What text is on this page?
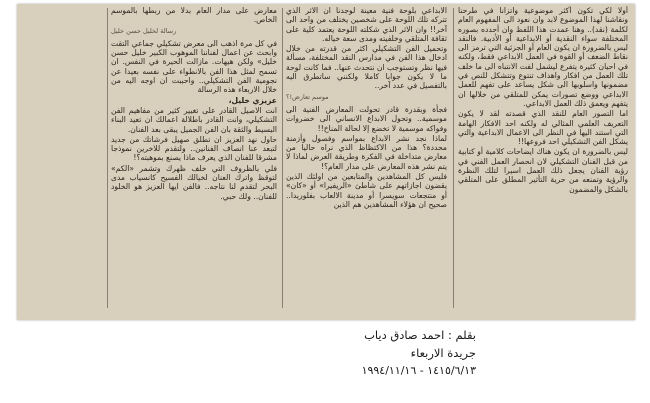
أولا لكي تكون أكثر موضوعية واتزانا في طرحنا ونقاشنا لهذا الموضوع لابد وان نعود الى المفهوم العام لكلمة (نقد).. وهنا عمدت هذا اللفظ وان أحدده بصوره المختلفة سواء النقدية أو الابداعية أو الأدبية. فالنقد ليس بالضرورة ان يكون العام أو الجزئية التي ترمز الى نقاط الضعف أو القوة في العمل الابداعي فقط، ولكنه في احيان كثيرة يتفرع ليشمل لفت الانتباه الى ما خلف تلك العمل من افكار واهداف تنتوع وتتشكل للنص في مضمونها واسلوبها الى شكل يساعد على تفهم للعمل الابداعي ووضع تصورات يمكن للمتلقي من خلالها ان يتفهم ويعمق ذلك العمل الابداعي.

اما التصور العام للنقد الذي قصدته لقد لا يكون التعريف العلمي المثالي له ولكنه احد الافكار الهامة التي استند اليها في النظر الى الاعمال الابداعية والتي يشكل الفن التشكيلي احد فروعها!!

ليس بالضرورة ان يكون هناك ايضاحات كلامية أو كتابية من قبل الفنان التشكيلي لان انحصار العمل الفني في رؤية الفنان يجعل ذلك العمل اسيرا لتلك النظرة والرؤية وتمنعه من حرية التأثير المطلق على المتلقي بالشكل والمضمون

الابداعي بلوحة فنية معينة لوجدنا ان الاثر الذي تتركه تلك اللوحة على شخصين يختلف من واحد الى آخر!! وان الاثر الذي شكلته اللوحة يعتمد كلية على ثقافة المتلقي وخلفيته ومدى سعة خياله.

وتحميل الفن التشكيلي اكثر من قدرته من خلال ادخال هذا الفن في مدارس النقد المختلفة، مسألة فيها نظر وتستوجب ان نتحدث عنها.. فما كانت لوحة ما لا يكون جوابا كاملا ولكنني ساتطرق اليه بالتفصيل في عدد آخر..

موسم تعارض!؟

فجأة وبقدرة قادر تحولت المعارض الفنية الى موسمية.. وتحول الابداع الانساني الى خضروات وفواكه موسمية لا تخضع إلا لحالة المناخ!!

لماذا نجد نشر الابداع بمواسم وفصول وأزمنة محددة؟ هذا من الاكتظاظ الذي نراه حاليا من معارض متداخلة في الفكرة وطريقة العرض لماذا لا يتم نشر هذه المعارض على مدار العام؟!

فليس كل المشاهدين والمتابعين من اولئك الذين يقضون اجازاتهم على شاطئ «الريفيرا» أو «كان» أو منتجعات سويسرا أو مدينة الالعاب بفلوريدا.. صحيح ان هؤلاء المشاهدين هم الذين

معارض على مدار العام بدلا من ربطها بالموسم الخاص.

رسالة لخليل حسن خليل

في كل مرة اذهب الى معرض تشكيلي جماعي التقت وابحث عن اعمال لفناننا الموهوب الكبير خليل حسن خليل» ولكن هيهات. مازالت الحيرة في النفس. ان تسمح لمثل هذا الفن بالانطواء على نفسه بعيدا عن نجومية الفن التشكيلي.. واحببت ان اوجه اليه من خلال الاربعاء هذه الرسالة

عزيزي خليل،

انت الاصيل القادر على تغيير كثير من مفاهيم الفن التشكيلي، وانت القادر باطلالة اعمالك ان تعيد البناء البسيط والثقة بان الفن الجميل يبقى بعد الفنان.

حاول نهد العزيز ان تطلق صهيل فرشاتك من جديد لتبعد عنا انصاف الفنانين.. ولتقدم للاخرين نموذجا مشرقا للفنان الذي يعرف ماذا يصنع بموهبته؟!

فلي بالظروف التي خلف ظهرك وتشمر «الكم» لتوقظ واترك العنان لخيالك الفسيح كانسياب مدى البحر لتقدم لنا نتاجه.. فالفن ايها العزيز هو الخلود للفنان.. ولك حبي.

بقلم : احمد صادق دياب
جريدة الاربعاء
١٤١٥/٦/١٣ - ١٩٩٤/١١/١٦
